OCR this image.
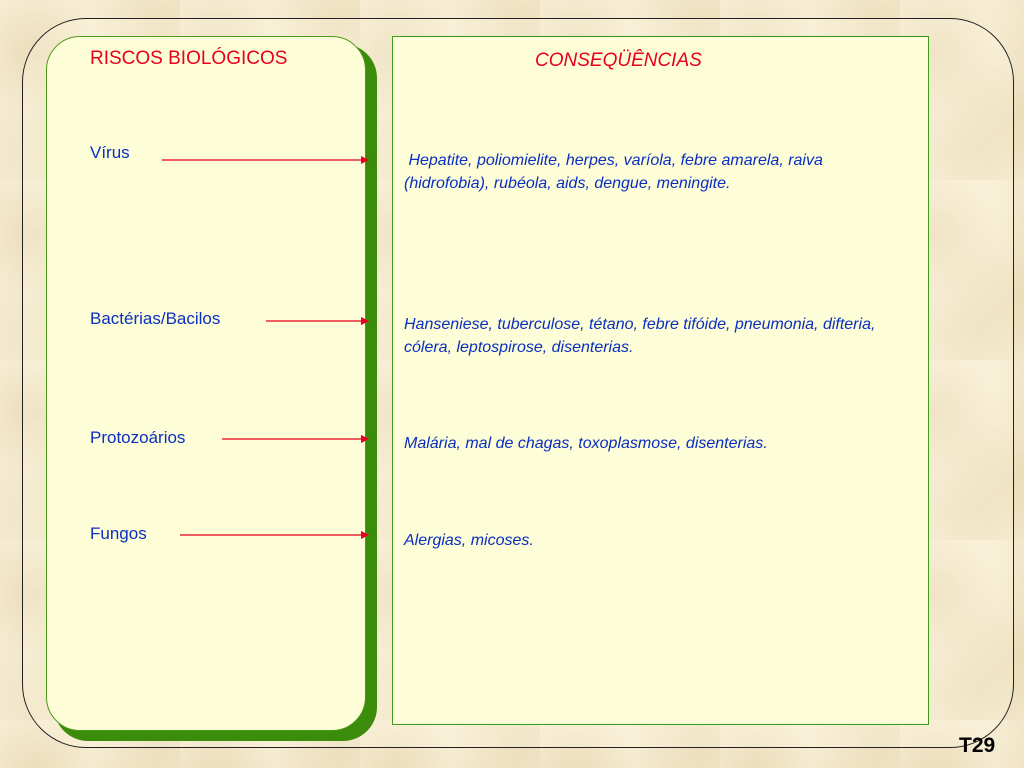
RISCOS BIOLÓGICOS
Vírus
Bactérias/Bacilos
Protozoários
Fungos
CONSEQÜÊNCIAS

Hepatite, poliomielite, herpes, varíola, febre amarela, raiva  (hidrofobia), rubéola, aids, dengue, meningite.

Hanseniese, tuberculose, tétano, febre tifóide, pneumonia, difteria, cólera, leptospirose, disenterias.

Malária, mal de chagas, toxoplasmose, disenterias.

Alergias, micoses.

T29
